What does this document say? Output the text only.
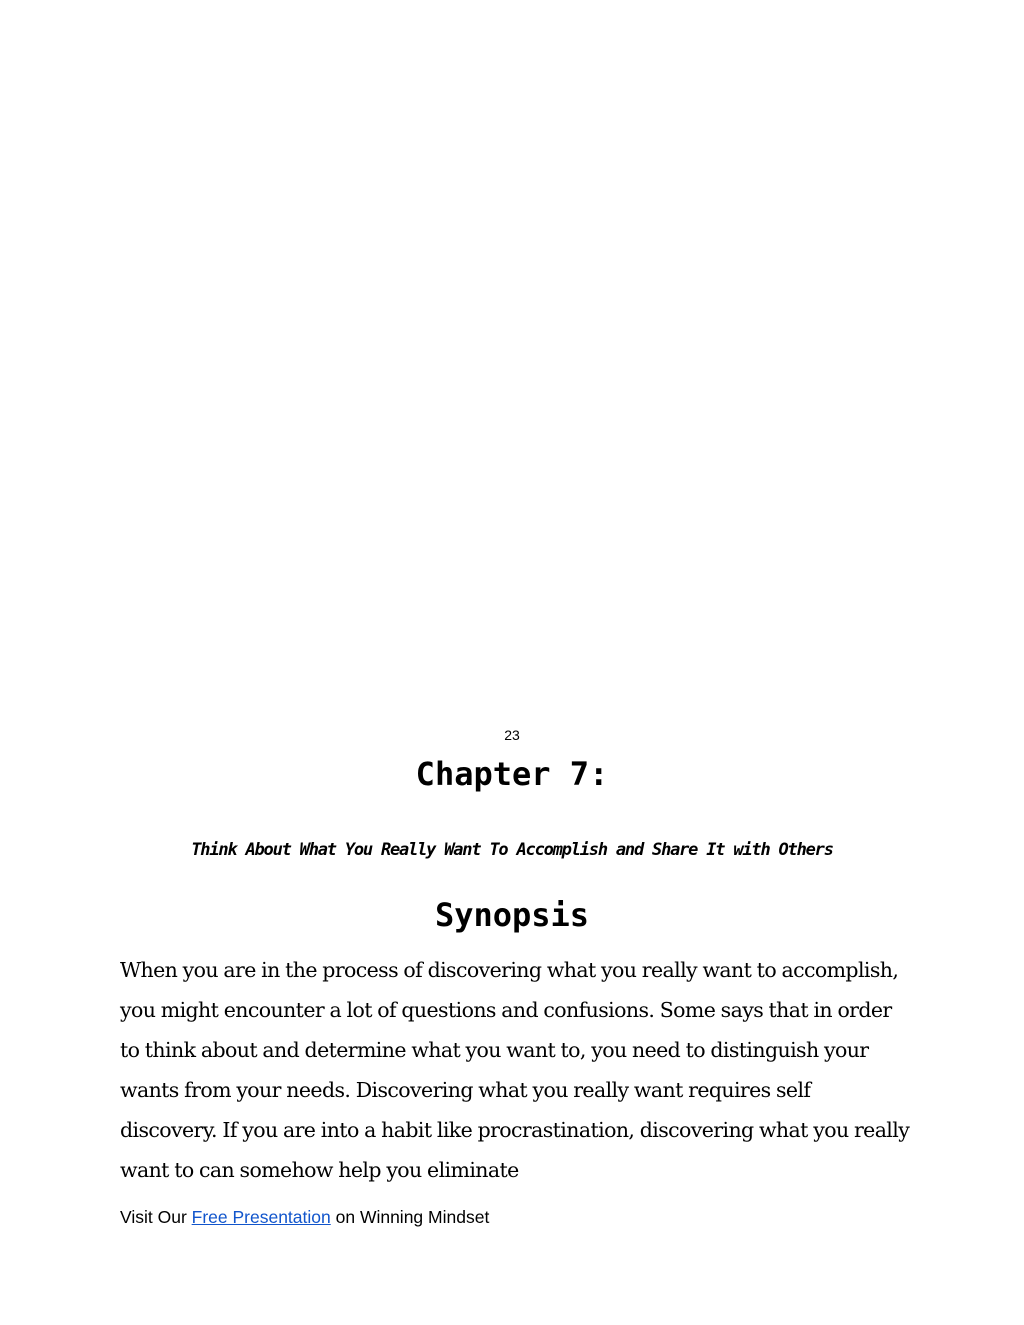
23
Chapter 7:
Think About What You Really Want To Accomplish and Share It with Others
Synopsis

When you are in the process of discovering what you really want to accomplish, you might encounter a lot of questions and confusions. Some says that in order to think about and determine what you want to, you need to distinguish your wants from your needs. Discovering what you really want requires self discovery. If you are into a habit like procrastination, discovering what you really want to can somehow help you eliminate

Visit Our Free Presentation on Winning Mindset
